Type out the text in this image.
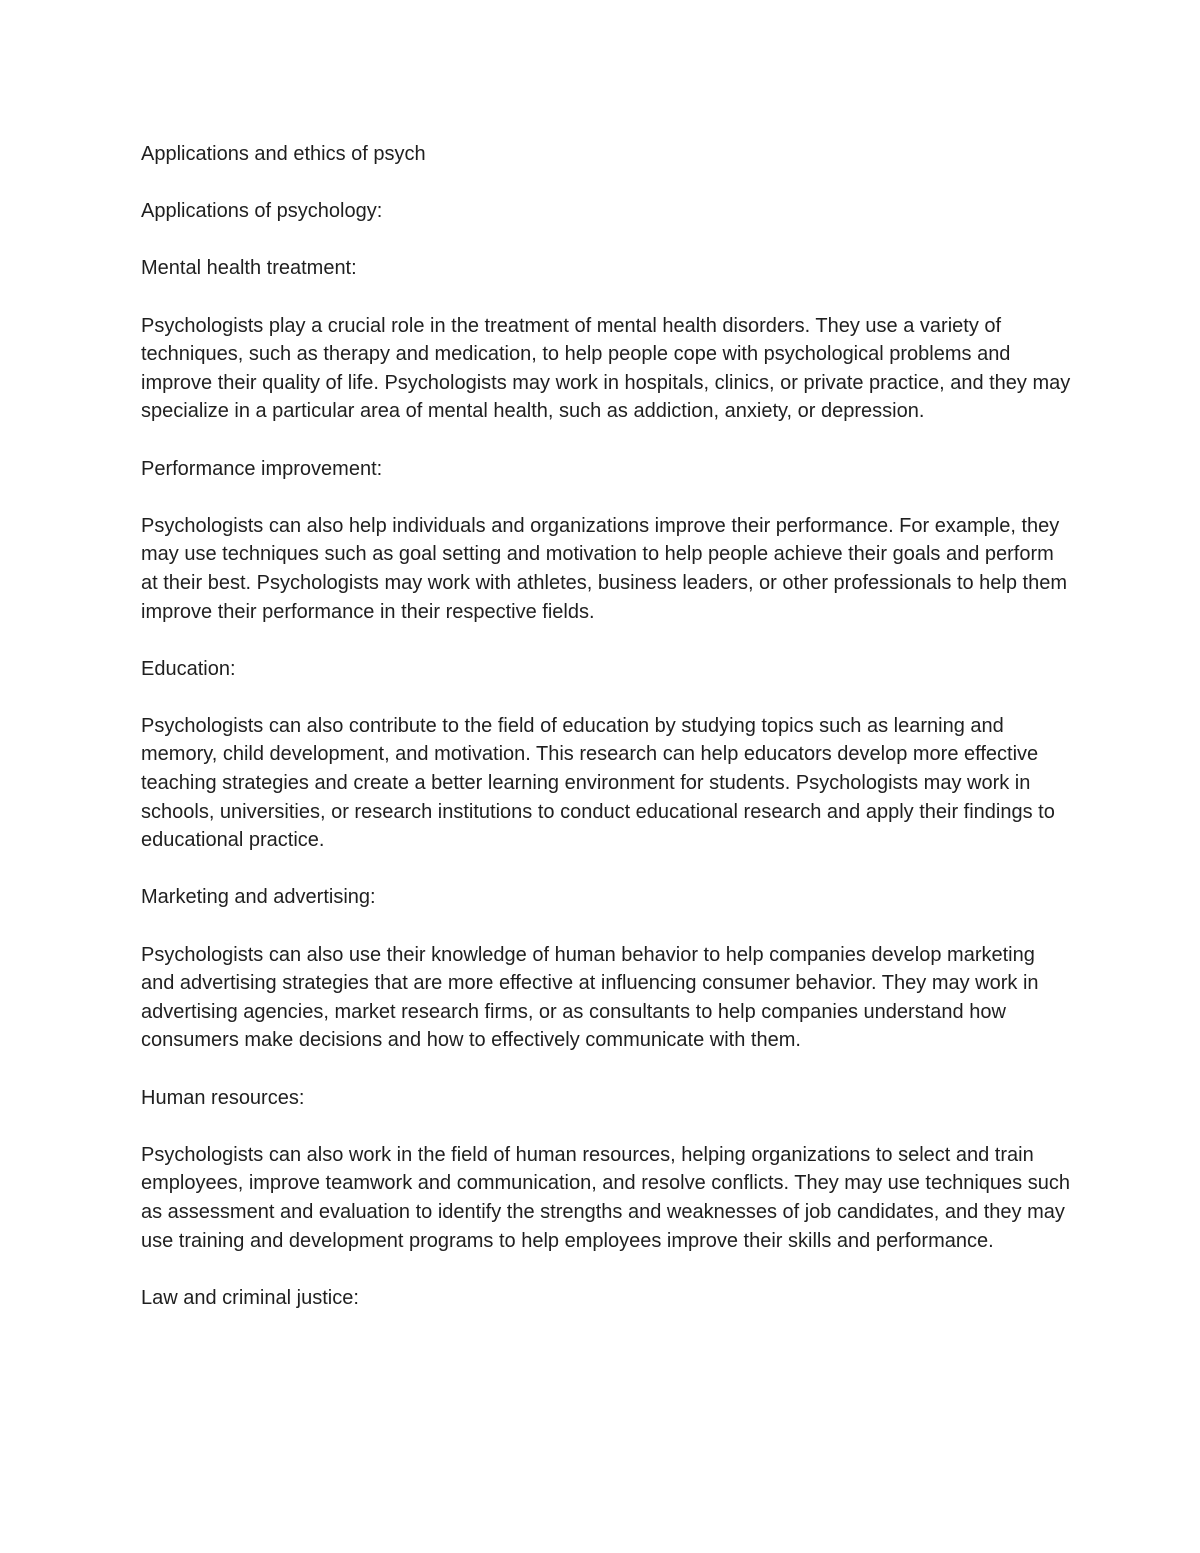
Applications and ethics of psych

Applications of psychology:

Mental health treatment:

Psychologists play a crucial role in the treatment of mental health disorders. They use a variety of techniques, such as therapy and medication, to help people cope with psychological problems and improve their quality of life. Psychologists may work in hospitals, clinics, or private practice, and they may specialize in a particular area of mental health, such as addiction, anxiety, or depression.

Performance improvement:

Psychologists can also help individuals and organizations improve their performance. For example, they may use techniques such as goal setting and motivation to help people achieve their goals and perform at their best. Psychologists may work with athletes, business leaders, or other professionals to help them improve their performance in their respective fields.

Education:

Psychologists can also contribute to the field of education by studying topics such as learning and memory, child development, and motivation. This research can help educators develop more effective teaching strategies and create a better learning environment for students. Psychologists may work in schools, universities, or research institutions to conduct educational research and apply their findings to educational practice.

Marketing and advertising:

Psychologists can also use their knowledge of human behavior to help companies develop marketing and advertising strategies that are more effective at influencing consumer behavior. They may work in advertising agencies, market research firms, or as consultants to help companies understand how consumers make decisions and how to effectively communicate with them.

Human resources:

Psychologists can also work in the field of human resources, helping organizations to select and train employees, improve teamwork and communication, and resolve conflicts. They may use techniques such as assessment and evaluation to identify the strengths and weaknesses of job candidates, and they may use training and development programs to help employees improve their skills and performance.

Law and criminal justice:
